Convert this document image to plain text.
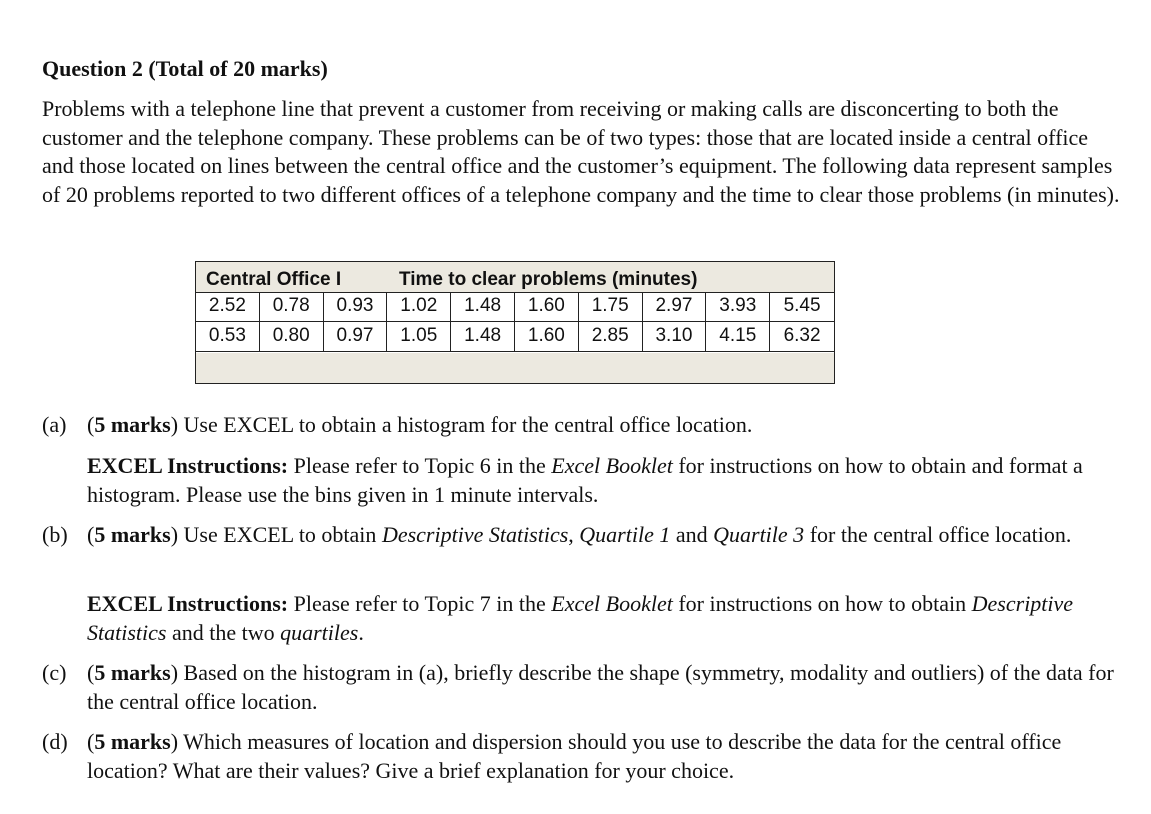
Question 2 (Total of 20 marks)

Problems with a telephone line that prevent a customer from receiving or making calls are disconcerting to both the customer and the telephone company. These problems can be of two types: those that are located inside a central office and those located on lines between the central office and the customer’s equipment. The following data represent samples of 20 problems reported to two different offices of a telephone company and the time to clear those problems (in minutes).

Central Office I	Time to clear problems (minutes)
2.52	0.78	0.93	1.02	1.48	1.60	1.75	2.97	3.93	5.45
0.53	0.80	0.97	1.05	1.48	1.60	2.85	3.10	4.15	6.32
(a) (5 marks) Use EXCEL to obtain a histogram for the central office location.

EXCEL Instructions: Please refer to Topic 6 in the Excel Booklet for instructions on how to obtain and format a histogram. Please use the bins given in 1 minute intervals.

(b) (5 marks) Use EXCEL to obtain Descriptive Statistics, Quartile 1 and Quartile 3 for the central office location.

EXCEL Instructions: Please refer to Topic 7 in the Excel Booklet for instructions on how to obtain Descriptive Statistics and the two quartiles.

(c) (5 marks) Based on the histogram in (a), briefly describe the shape (symmetry, modality and outliers) of the data for the central office location.
(d) (5 marks) Which measures of location and dispersion should you use to describe the data for the central office location? What are their values? Give a brief explanation for your choice.
